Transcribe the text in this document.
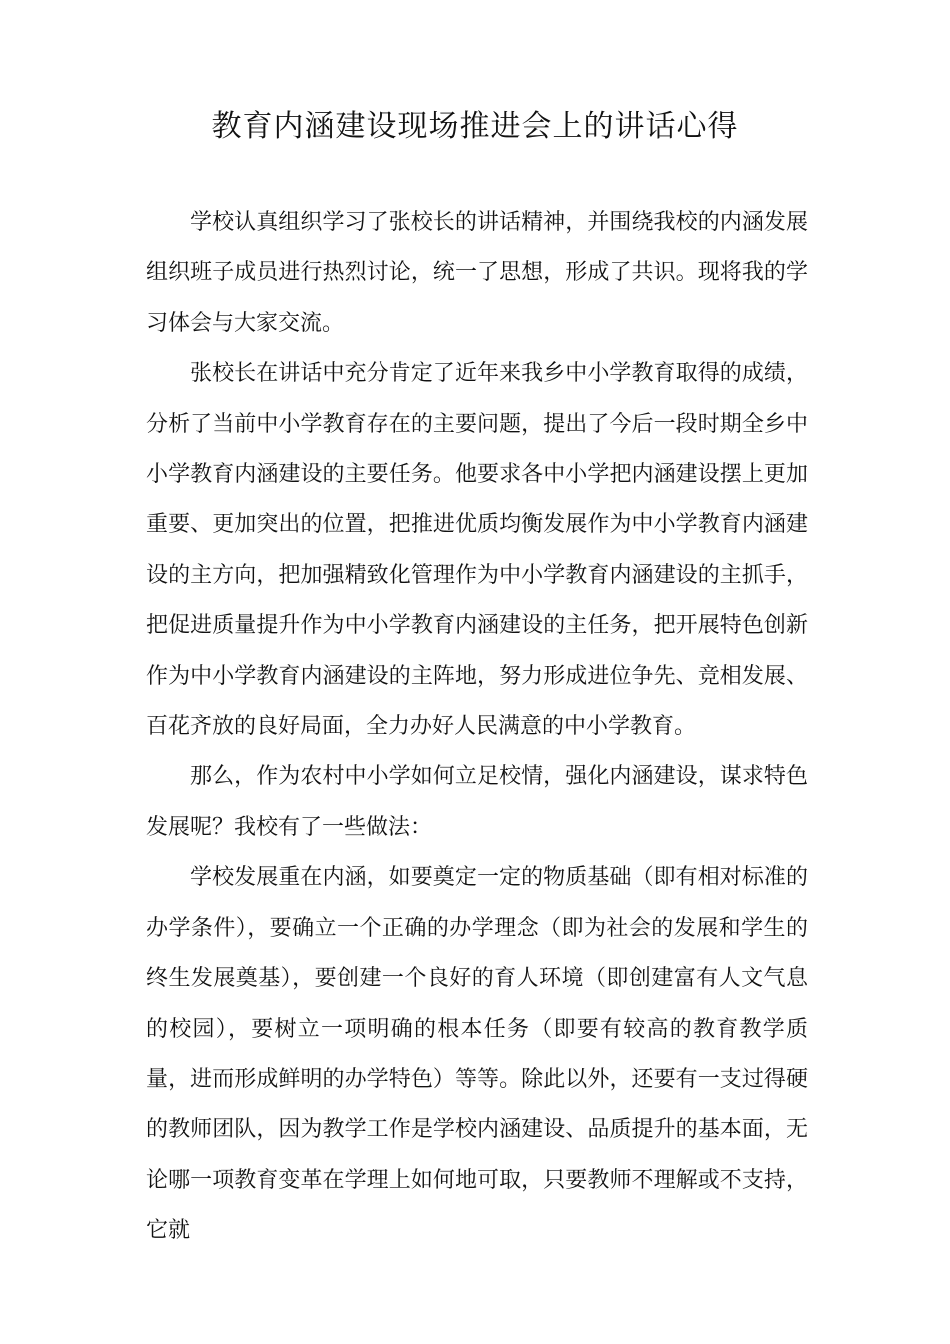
教育内涵建设现场推进会上的讲话心得

学校认真组织学习了张校长的讲话精神，并围绕我校的内涵发展组织班子成员进行热烈讨论，统一了思想，形成了共识。现将我的学习体会与大家交流。

张校长在讲话中充分肯定了近年来我乡中小学教育取得的成绩，分析了当前中小学教育存在的主要问题，提出了今后一段时期全乡中小学教育内涵建设的主要任务。他要求各中小学把内涵建设摆上更加重要、更加突出的位置，把推进优质均衡发展作为中小学教育内涵建设的主方向，把加强精致化管理作为中小学教育内涵建设的主抓手，把促进质量提升作为中小学教育内涵建设的主任务，把开展特色创新作为中小学教育内涵建设的主阵地，努力形成进位争先、竞相发展、百花齐放的良好局面，全力办好人民满意的中小学教育。

那么，作为农村中小学如何立足校情，强化内涵建设，谋求特色发展呢？我校有了一些做法：

学校发展重在内涵，如要奠定一定的物质基础（即有相对标准的办学条件），要确立一个正确的办学理念（即为社会的发展和学生的终生发展奠基），要创建一个良好的育人环境（即创建富有人文气息的校园），要树立一项明确的根本任务（即要有较高的教育教学质量，进而形成鲜明的办学特色）等等。除此以外，还要有一支过得硬的教师团队，因为教学工作是学校内涵建设、品质提升的基本面，无论哪一项教育变革在学理上如何地可取，只要教师不理解或不支持，它就
